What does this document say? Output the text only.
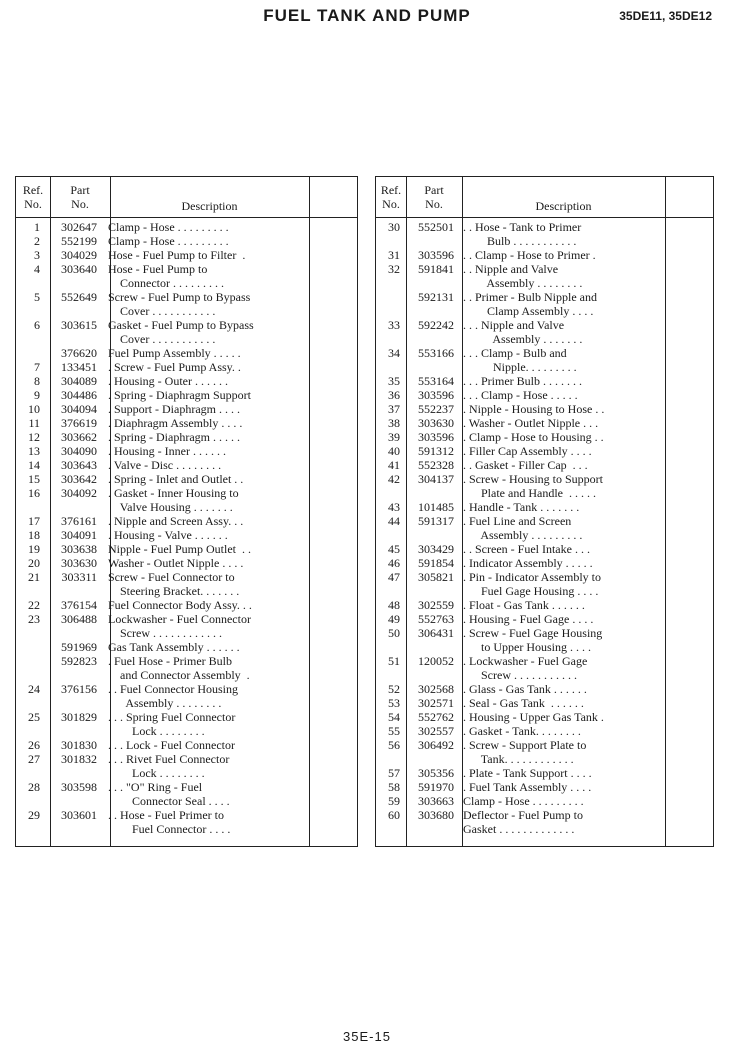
FUEL TANK AND PUMP	35DE11, 35DE12
Ref.
No.
Part
No.	Description
1	302647 Clamp - Hose . . . . . . . . .
2	552199 Clamp - Hose . . . . . . . . .
3	304029 Hose - Fuel Pump to Filter  .
4	303640 Hose - Fuel Pump to
Connector . . . . . . . . .
5	552649 Screw - Fuel Pump to Bypass
Cover . . . . . . . . . . .
6	303615 Gasket - Fuel Pump to Bypass
Cover . . . . . . . . . . .
376620 Fuel Pump Assembly . . . . .
7	133451 . Screw - Fuel Pump Assy. .
8	304089 . Housing - Outer . . . . . .
9	304486 . Spring - Diaphragm Support
10	304094 . Support - Diaphragm . . . .
11	376619 . Diaphragm Assembly . . . .
12	303662 . Spring - Diaphragm . . . . .
13	304090 . Housing - Inner . . . . . .
14	303643 . Valve - Disc . . . . . . . .
15	303642 . Spring - Inlet and Outlet . .
16	304092 . Gasket - Inner Housing to
Valve Housing . . . . . . .
17	376161 . Nipple and Screen Assy. . .
18	304091 . Housing - Valve . . . . . .
19	303638 Nipple - Fuel Pump Outlet  . .
20	303630 Washer - Outlet Nipple . . . .
21	303311 Screw - Fuel Connector to
Steering Bracket. . . . . . .
22	376154 Fuel Connector Body Assy. . .
23	306488 Lockwasher - Fuel Connector
Screw . . . . . . . . . . . .
591969 Gas Tank Assembly . . . . . .
592823 . Fuel Hose - Primer Bulb
and Connector Assembly  .
24	376156 . . Fuel Connector Housing
Assembly . . . . . . . .
25	301829 . . . Spring Fuel Connector
Lock . . . . . . . .
26	301830 . . . Lock - Fuel Connector
27	301832 . . . Rivet Fuel Connector
Lock . . . . . . . .
28	303598 . . . "O" Ring - Fuel
Connector Seal . . . .
29	303601 . . Hose - Fuel Primer to
Fuel Connector . . . .
Ref.
No.
Part
No.	Description
30	552501 . . Hose - Tank to Primer
Bulb . . . . . . . . . . .
31	303596 . . Clamp - Hose to Primer .
32	591841 . . Nipple and Valve
Assembly . . . . . . . .
592131 . . Primer - Bulb Nipple and
Clamp Assembly . . . .
33	592242 . . . Nipple and Valve
Assembly . . . . . . .
34	553166 . . . Clamp - Bulb and
Nipple. . . . . . . . .
35	553164 . . . Primer Bulb . . . . . . .
36	303596 . . . Clamp - Hose . . . . .
37	552237 . Nipple - Housing to Hose . .
38	303630 . Washer - Outlet Nipple . . .
39	303596 . Clamp - Hose to Housing . .
40	591312 . Filler Cap Assembly . . . .
41	552328 . . Gasket - Filler Cap  . . .
42	304137 . Screw - Housing to Support
Plate and Handle  . . . . .
43	101485 . Handle - Tank . . . . . . .
44	591317 . Fuel Line and Screen
Assembly . . . . . . . . .
45	303429 . . Screen - Fuel Intake . . .
46	591854 . Indicator Assembly . . . . .
47	305821 . Pin - Indicator Assembly to
Fuel Gage Housing . . . .
48	302559 . Float - Gas Tank . . . . . .
49	552763 . Housing - Fuel Gage . . . .
50	306431 . Screw - Fuel Gage Housing
to Upper Housing . . . .
51	120052 . Lockwasher - Fuel Gage
Screw . . . . . . . . . . .
52	302568 . Glass - Gas Tank . . . . . .
53	302571 . Seal - Gas Tank  . . . . . .
54	552762 . Housing - Upper Gas Tank .
55	302557 . Gasket - Tank. . . . . . . .
56	306492 . Screw - Support Plate to
Tank. . . . . . . . . . . .
57	305356 . Plate - Tank Support . . . .
58	591970 . Fuel Tank Assembly . . . .
59	303663 Clamp - Hose . . . . . . . . .
60	303680 Deflector - Fuel Pump to
Gasket . . . . . . . . . . . . .
35E-15
